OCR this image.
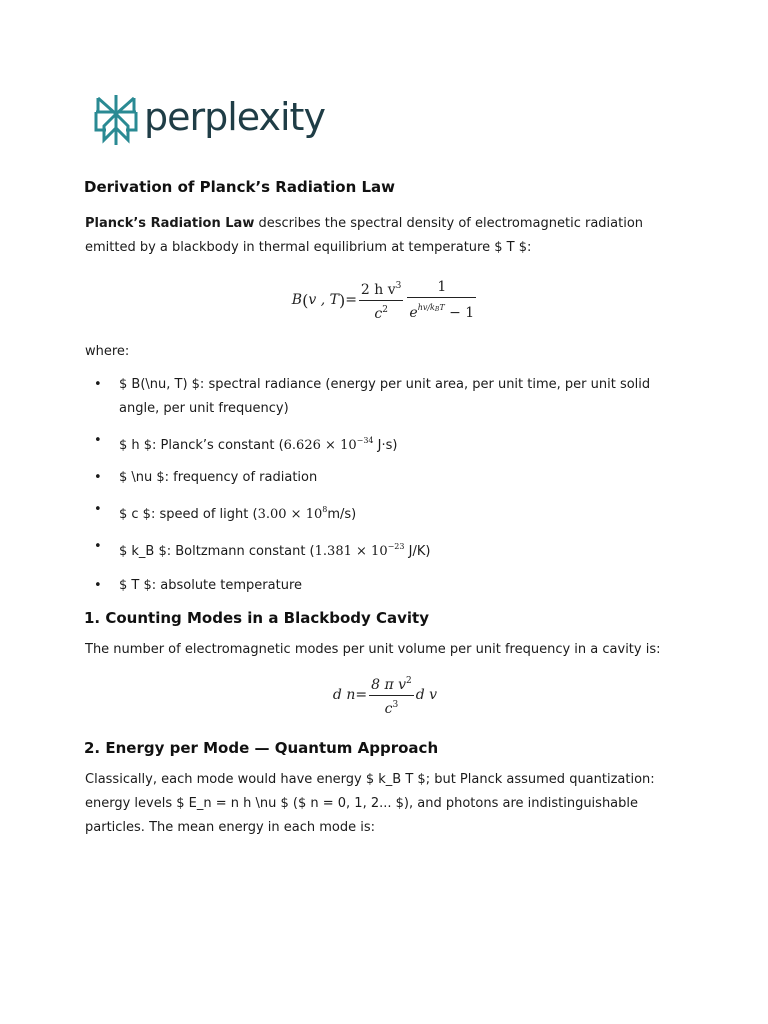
perplexity
Derivation of Planck’s Radiation Law

Planck’s Radiation Law describes the spectral density of electromagnetic radiation emitted by a blackbody in thermal equilibrium at temperature $ T $:

B ( v , T ) = $\frac{2 h v^3}{c^2} \frac{1}{e^{hv/k_BT} - 1}$

where:

• $ B(\nu, T) $: spectral radiance (energy per unit area, per unit time, per unit solid angle, per unit frequency)
• $ h $: Planck’s constant ($6.626 \times 10^{-34}$ J·s)
• $ \nu $: frequency of radiation
• $ c $: speed of light $(3.00 \times 10^8m/s)$
• $ k_B $: Boltzmann constant ($1.381 \times 10^{-23}$ J/K)
• $ T $: absolute temperature
1. Counting Modes in a Blackbody Cavity

The number of electromagnetic modes per unit volume per unit frequency in a cavity is:

d $n = \frac{8 \pi v^2}{c^3}$ d v
2. Energy per Mode — Quantum Approach

Classically, each mode would have energy $ k_B T $; but Planck assumed quantization: energy levels $ E_n = n h \nu $ ($ n = 0, 1, 2... $), and photons are indistinguishable particles. The mean energy in each mode is:
